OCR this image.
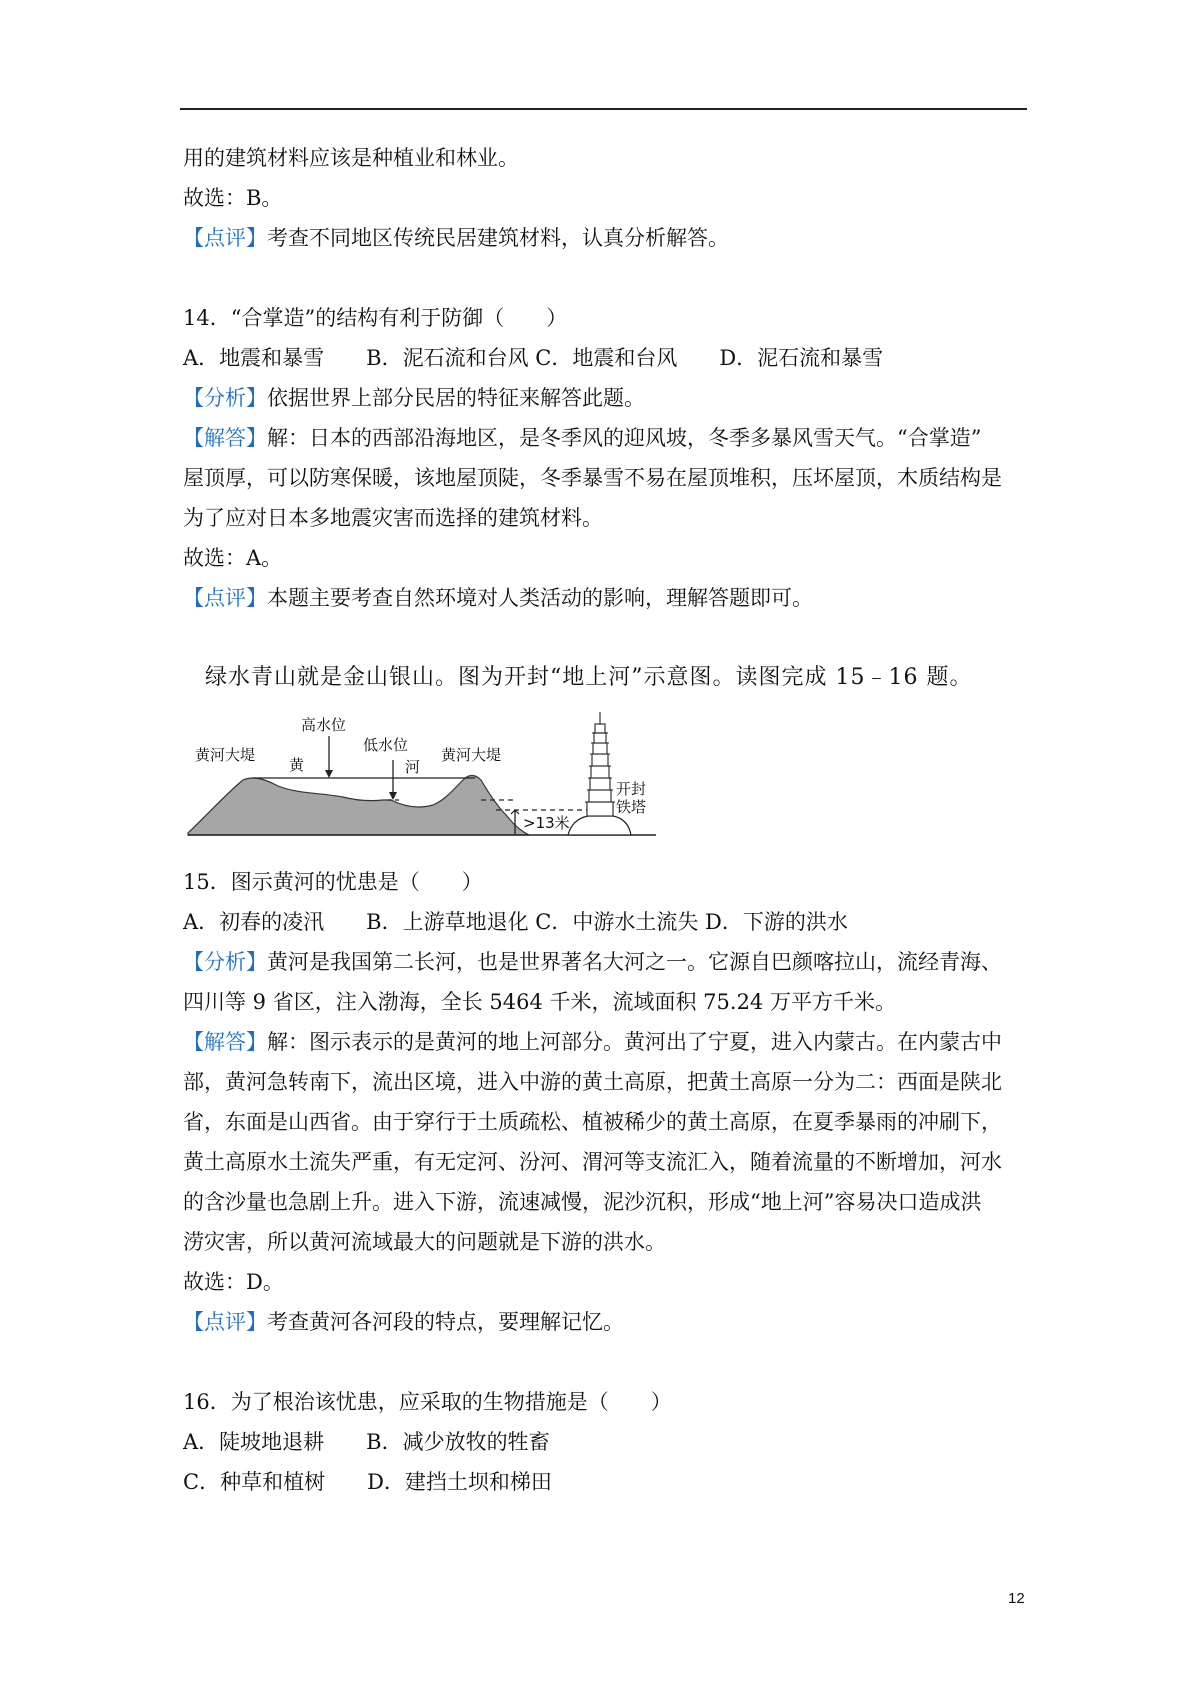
用的建筑材料应该是种植业和林业。
故选：B。
【点评】考查不同地区传统民居建筑材料，认真分析解答。
14．“合掌造”的结构有利于防御（　　）
A．地震和暴雪　　B．泥石流和台风 C．地震和台风　　D．泥石流和暴雪
【分析】依据世界上部分民居的特征来解答此题。
【解答】解：日本的西部沿海地区，是冬季风的迎风坡，冬季多暴风雪天气。“合掌造”
屋顶厚，可以防寒保暖，该地屋顶陡，冬季暴雪不易在屋顶堆积，压坏屋顶，木质结构是
为了应对日本多地震灾害而选择的建筑材料。
故选：A。
【点评】本题主要考查自然环境对人类活动的影响，理解答题即可。
绿水青山就是金山银山。图为开封“地上河”示意图。读图完成 15﹣16 题。
黄河大堤	黄河大堤
高水位
低水位
黄	河
>13米
开封
铁塔
15．图示黄河的忧患是（　　）
A．初春的凌汛　　B．上游草地退化 C．中游水土流失 D．下游的洪水
【分析】黄河是我国第二长河，也是世界著名大河之一。它源自巴颜喀拉山，流经青海、
四川等 9 省区，注入渤海，全长 5464 千米，流域面积 75.24 万平方千米。
【解答】解：图示表示的是黄河的地上河部分。黄河出了宁夏，进入内蒙古。在内蒙古中
部，黄河急转南下，流出区境，进入中游的黄土高原，把黄土高原一分为二：西面是陕北
省，东面是山西省。由于穿行于土质疏松、植被稀少的黄土高原，在夏季暴雨的冲刷下，
黄土高原水土流失严重，有无定河、汾河、渭河等支流汇入，随着流量的不断增加，河水
的含沙量也急剧上升。进入下游，流速减慢，泥沙沉积，形成“地上河”容易决口造成洪
涝灾害，所以黄河流域最大的问题就是下游的洪水。
故选：D。
【点评】考查黄河各河段的特点，要理解记忆。
16．为了根治该忧患，应采取的生物措施是（　　）
A．陡坡地退耕　　B．减少放牧的牲畜
C．种草和植树　　D．建挡土坝和梯田
12
